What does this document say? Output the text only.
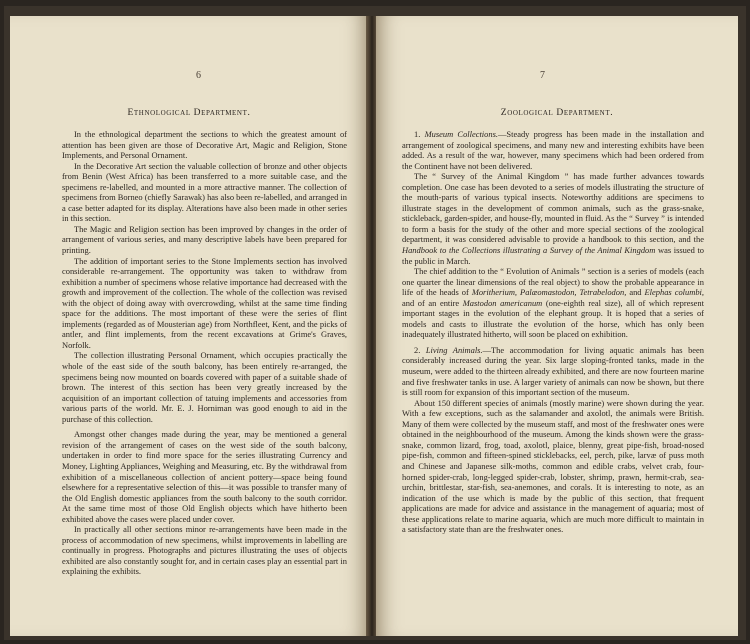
6
Ethnological Department.

In the ethnological department the sections to which the greatest amount of attention has been given are those of Decorative Art, Magic and Religion, Stone Implements, and Personal Ornament.

In the Decorative Art section the valuable collection of bronze and other objects from Benin (West Africa) has been transferred to a more suitable case, and the specimens re-labelled, and mounted in a more attractive manner. The collection of specimens from Borneo (chiefly Sarawak) has also been re-labelled, and arranged in a case better adapted for its display. Alterations have also been made in other series in this section.

The Magic and Religion section has been improved by changes in the order of arrangement of various series, and many descriptive labels have been prepared for printing.

The addition of important series to the Stone Implements section has involved considerable re-arrangement. The opportunity was taken to withdraw from exhibition a number of specimens whose relative importance had decreased with the growth and improvement of the collection. The whole of the collection was revised with the object of doing away with overcrowding, whilst at the same time finding space for the additions. The most important of these were the series of flint implements (regarded as of Mousterian age) from Northfleet, Kent, and the picks of antler, and flint implements, from the recent excavations at Grime's Graves, Norfolk.

The collection illustrating Personal Ornament, which occupies practically the whole of the east side of the south balcony, has been entirely re-arranged, the specimens being now mounted on boards covered with paper of a suitable shade of brown. The interest of this section has been very greatly increased by the acquisition of an important collection of tatuing implements and accessories from various parts of the world. Mr. E. J. Horniman was good enough to aid in the purchase of this collection.

Amongst other changes made during the year, may be mentioned a general revision of the arrangement of cases on the west side of the south balcony, undertaken in order to find more space for the series illustrating Currency and Money, Lighting Appliances, Weighing and Measuring, etc. By the withdrawal from exhibition of a miscellaneous collection of ancient pottery—space being found elsewhere for a representative selection of this—it was possible to transfer many of the Old English domestic appliances from the south balcony to the south corridor. At the same time most of those Old English objects which have hitherto been exhibited above the cases were placed under cover.

In practically all other sections minor re-arrangements have been made in the process of accommodation of new specimens, whilst improvements in labelling are continually in progress. Photographs and pictures illustrating the uses of objects exhibited are also constantly sought for, and in certain cases play an essential part in explaining the exhibits.

7
Zoological Department.

1. Museum Collections.—Steady progress has been made in the installation and arrangement of zoological specimens, and many new and interesting exhibits have been added. As a result of the war, however, many specimens which had been ordered from the Continent have not been delivered.

The “ Survey of the Animal Kingdom ” has made further advances towards completion. One case has been devoted to a series of models illustrating the structure of the mouth-parts of various typical insects. Noteworthy additions are specimens to illustrate stages in the development of common animals, such as the grass-snake, stickleback, garden-spider, and house-fly, mounted in fluid. As the “ Survey ” is intended to form a basis for the study of the other and more special sections of the zoological department, it was considered advisable to provide a handbook to this section, and the Handbook to the Collections illustrating a Survey of the Animal Kingdom was issued to the public in March.

The chief addition to the “ Evolution of Animals ” section is a series of models (each one quarter the linear dimensions of the real object) to show the probable appearance in life of the heads of Moritherium, Palæomastodon, Tetrabelodon, and Elephas columbi, and of an entire Mastodon americanum (one-eighth real size), all of which represent important stages in the evolution of the elephant group. It is hoped that a series of models and casts to illustrate the evolution of the horse, which has only been inadequately illustrated hitherto, will soon be placed on exhibition.

2. Living Animals.—The accommodation for living aquatic animals has been considerably increased during the year. Six large sloping-fronted tanks, made in the museum, were added to the thirteen already exhibited, and there are now fourteen marine and five freshwater tanks in use. A larger variety of animals can now be shown, but there is still room for expansion of this important section of the museum.

About 150 different species of animals (mostly marine) were shown during the year. With a few exceptions, such as the salamander and axolotl, the animals were British. Many of them were collected by the museum staff, and most of the freshwater ones were obtained in the neighbourhood of the museum. Among the kinds shown were the grass-snake, common lizard, frog, toad, axolotl, plaice, blenny, great pipe-fish, broad-nosed pipe-fish, common and fifteen-spined sticklebacks, eel, perch, pike, larvæ of puss moth and Chinese and Japanese silk-moths, common and edible crabs, velvet crab, four-horned spider-crab, long-legged spider-crab, lobster, shrimp, prawn, hermit-crab, sea-urchin, brittlestar, star-fish, sea-anemones, and corals. It is interesting to note, as an indication of the use which is made by the public of this section, that frequent applications are made for advice and assistance in the management of aquaria; most of these applications relate to marine aquaria, which are much more difficult to maintain in a satisfactory state than are the freshwater ones.
